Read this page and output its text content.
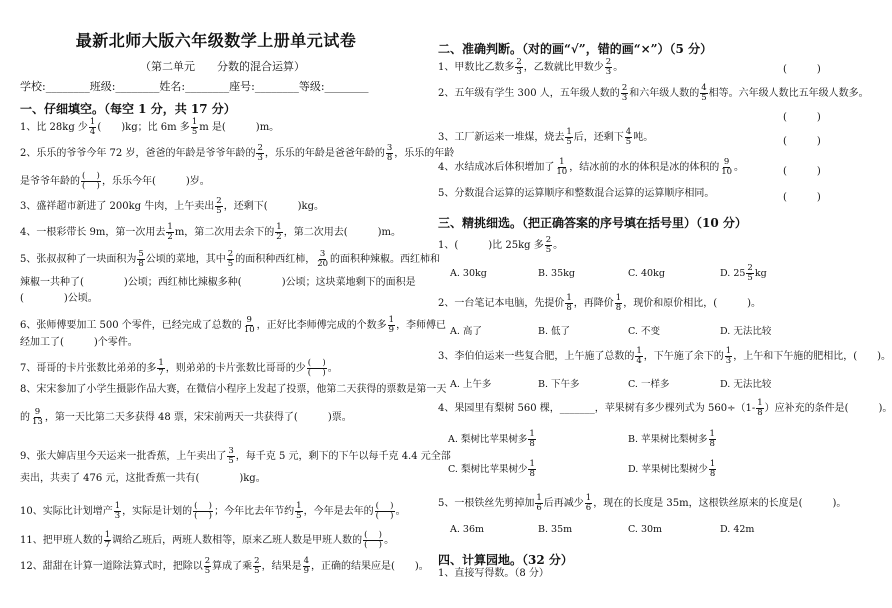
最新北师大版六年级数学上册单元试卷
（第二单元　　分数的混合运算）
学校:________班级:________姓名:________座号:________等级:________
一、仔细填空。（每空 1 分，共 17 分）
1、比 28kg 少 $\frac{1}{4}$ (　　)kg；比 6m 多 $\frac{1}{5}$ m 是(　　　	)m。
2、乐乐的爷爷今年 72 岁，爸爸的年龄是爷爷年龄的 $\frac{2}{3}$ ，乐乐的年龄是爸爸年龄的 $\frac{3}{8}$ ，乐乐的年龄
是爷爷年龄的 $\frac{( )}{( )}$ ，乐乐今年(　　　	)岁。
3、盛祥超市新进了 200kg 牛肉，上午卖出 $\frac{2}{5}$ ，还剩下(　　　	)kg。
4、一根彩带长 9m，第一次用去 $\frac{1}{2}$ m，第二次用去余下的 $\frac{1}{2}$ ，第二次用去(　　　	)m。
5、张叔叔种了一块面积为 $\frac{5}{8}$ 公顷的菜地，其中 $\frac{2}{5}$ 的面积种西红柿， $\frac{3}{20}$ 的面积种辣椒。西红柿和
辣椒一共种了(　　　　)公顷；西红柿比辣椒多种(　　　　)公顷；这块菜地剩下的面积是
(　　　　)公顷。
6、张师傅要加工 500 个零件，已经完成了总数的 $\frac{9}{10}$ ，正好比李师傅完成的个数多 $\frac{1}{9}$ ，李师傅已
经加工了(　　　)个零件。
7、哥哥的卡片张数比弟弟的多 $\frac{1}{7}$ ，则弟弟的卡片张数比哥哥的少 $\frac{( )}{( )}$ 。
8、宋宋参加了小学生摄影作品大赛，在微信小程序上发起了投票，他第二天获得的票数是第一天
的 $\frac{9}{13}$ ，第一天比第二天多获得 48 票，宋宋前两天一共获得了(　　　	)票。
9、张大婶店里今天运来一批香蕉，上午卖出了 $\frac{3}{5}$ ，每千克 5 元，剩下的下午以每千克 4.4 元全部
卖出，共卖了 476 元，这批香蕉一共有(　　　　)kg。
10、实际比计划增产 $\frac{1}{3}$ ，实际是计划的 $\frac{( )}{( )}$ ；今年比去年节约 $\frac{1}{5}$ ，今年是去年的 $\frac{( )}{( )}$ 。
11、把甲班人数的 $\frac{1}{7}$ 调给乙班后，两班人数相等，原来乙班人数是甲班人数的 $\frac{( )}{( )}$ 。
12、甜甜在计算一道除法算式时，把除以 $\frac{2}{5}$ 算成了乘 $\frac{2}{5}$ ，结果是 $\frac{4}{9}$ ，正确的结果应是(　　 )。
二、准确判断。（对的画“√”，错的画“×”）（5 分）
1、甲数比乙数多 $\frac{2}{3}$ ，乙数就比甲数少 $\frac{2}{3}$ 。	(　　　)
2、五年级有学生 300 人，五年级人数的 $\frac{2}{3}$ 和六年级人数的 $\frac{4}{5}$ 相等。六年级人数比五年级人数多。
(　　　)
3、工厂新运来一堆煤，烧去 $\frac{1}{5}$ 后，还剩下 $\frac{4}{5}$ 吨。	(　　　)
4、水结成冰后体积增加了 $\frac{1}{10}$ ，结冰前的水的体积是冰的体积的 $\frac{9}{10}$ 。	(　　　)
5、分数混合运算的运算顺序和整数混合运算的运算顺序相同。	(　　　)
三、精挑细选。（把正确答案的序号填在括号里）（10 分）
1、(　　　)比 25kg 多 $\frac{2}{5}$ 。
A. 30kg	B. 35kg	C. 40kg	D. $25 \frac{2}{5}$ kg
2、一台笔记本电脑，先提价 $\frac{1}{8}$ ，再降价 $\frac{1}{8}$ ，现价和原价相比，(　　　)。
A. 高了	B. 低了	C. 不变	D. 无法比较
3、李伯伯运来一些复合肥，上午施了总数的 $\frac{1}{4}$ ，下午施了余下的 $\frac{1}{3}$ ，上午和下午施的肥相比，(　　)。
A. 上午多	B. 下午多	C. 一样多	D. 无法比较
4、果园里有梨树 560 棵，_______，苹果树有多少棵列式为 $560\div(1- \frac{1}{8}$ ）应补充的条件是(　　　)。
A. 梨树比苹果树多 $\frac{1}{8}$	B. 苹果树比梨树多 $\frac{1}{8}$
C. 梨树比苹果树少 $\frac{1}{8}$	D. 苹果树比梨树少 $\frac{1}{8}$
5、一根铁丝先剪掉加 $\frac{1}{6}$ 后再减少 $\frac{1}{6}$ ，现在的长度是 35m，这根铁丝原来的长度是(　　　)。
A. 36m	B. 35m	C. 30m	D. 42m
四、计算园地。（32 分）
1、直接写得数。（8 分）
